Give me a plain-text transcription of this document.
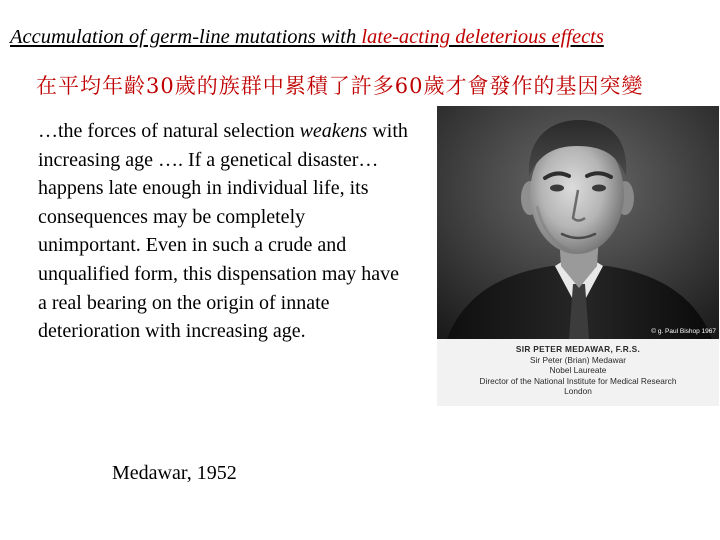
Accumulation of germ-line mutations with late-acting deleterious effects
在平均年齡30歲的族群中累積了許多60歲才會發作的基因突變
…the forces of natural selection weakens with increasing age …. If a genetical disaster… happens late enough in individual life, its consequences may be completely unimportant. Even in such a crude and unqualified form, this dispensation may have a real bearing on the origin of innate deterioration with increasing age.
Medawar, 1952
© g. Paul Bishop 1967
SIR PETER MEDAWAR, F.R.S.
Sir Peter (Brian) Medawar
Nobel Laureate
Director of the National Institute for Medical Research
London
